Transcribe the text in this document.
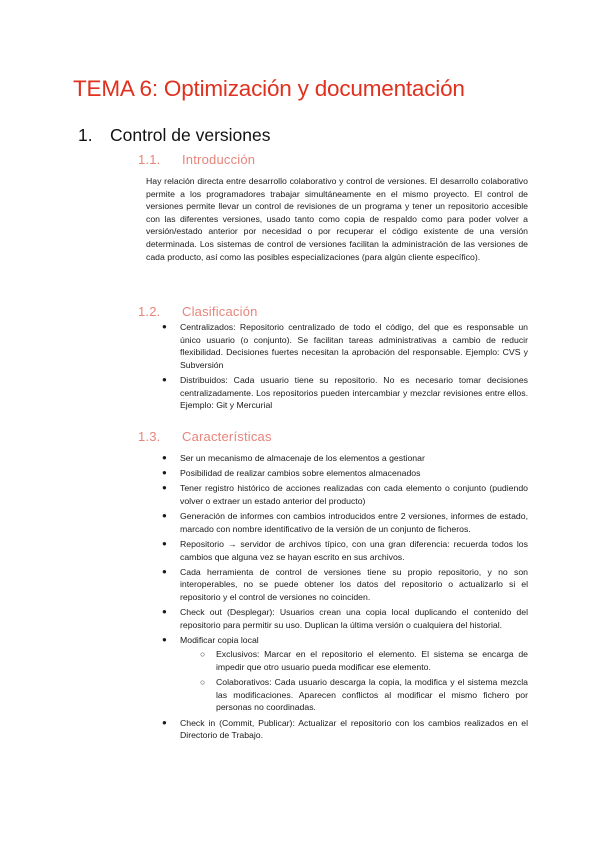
TEMA 6: Optimización y documentación
1. Control de versiones
1.1. Introducción

Hay relación directa entre desarrollo colaborativo y control de versiones. El desarrollo colaborativo permite a los programadores trabajar simultáneamente en el mismo proyecto. El control de versiones permite llevar un control de revisiones de un programa y tener un repositorio accesible con las diferentes versiones, usado tanto como copia de respaldo como para poder volver a versión/estado anterior por necesidad o por recuperar el código existente de una versión determinada. Los sistemas de control de versiones facilitan la administración de las versiones de cada producto, así como las posibles especializaciones (para algún cliente específico).

1.2. Clasificación
● Centralizados: Repositorio centralizado de todo el código, del que es responsable un único usuario (o conjunto). Se facilitan tareas administrativas a cambio de reducir flexibilidad. Decisiones fuertes necesitan la aprobación del responsable. Ejemplo: CVS y Subversión
● Distribuidos: Cada usuario tiene su repositorio. No es necesario tomar decisiones centralizadamente. Los repositorios pueden intercambiar y mezclar revisiones entre ellos. Ejemplo: Git y Mercurial
1.3. Características
● Ser un mecanismo de almacenaje de los elementos a gestionar
● Posibilidad de realizar cambios sobre elementos almacenados
● Tener registro histórico de acciones realizadas con cada elemento o conjunto (pudiendo volver o extraer un estado anterior del producto)
● Generación de informes con cambios introducidos entre 2 versiones, informes de estado, marcado con nombre identificativo de la versión de un conjunto de ficheros.
● Repositorio → servidor de archivos típico, con una gran diferencia: recuerda todos los cambios que alguna vez se hayan escrito en sus archivos.
● Cada herramienta de control de versiones tiene su propio repositorio, y no son interoperables, no se puede obtener los datos del repositorio o actualizarlo si el repositorio y el control de versiones no coinciden.
● Check out (Desplegar): Usuarios crean una copia local duplicando el contenido del repositorio para permitir su uso. Duplican la última versión o cualquiera del historial.
● Modificar copia local
○ Exclusivos: Marcar en el repositorio el elemento. El sistema se encarga de impedir que otro usuario pueda modificar ese elemento.
○ Colaborativos: Cada usuario descarga la copia, la modifica y el sistema mezcla las modificaciones. Aparecen conflictos al modificar el mismo fichero por personas no coordinadas.
● Check in (Commit, Publicar): Actualizar el repositorio con los cambios realizados en el Directorio de Trabajo.
